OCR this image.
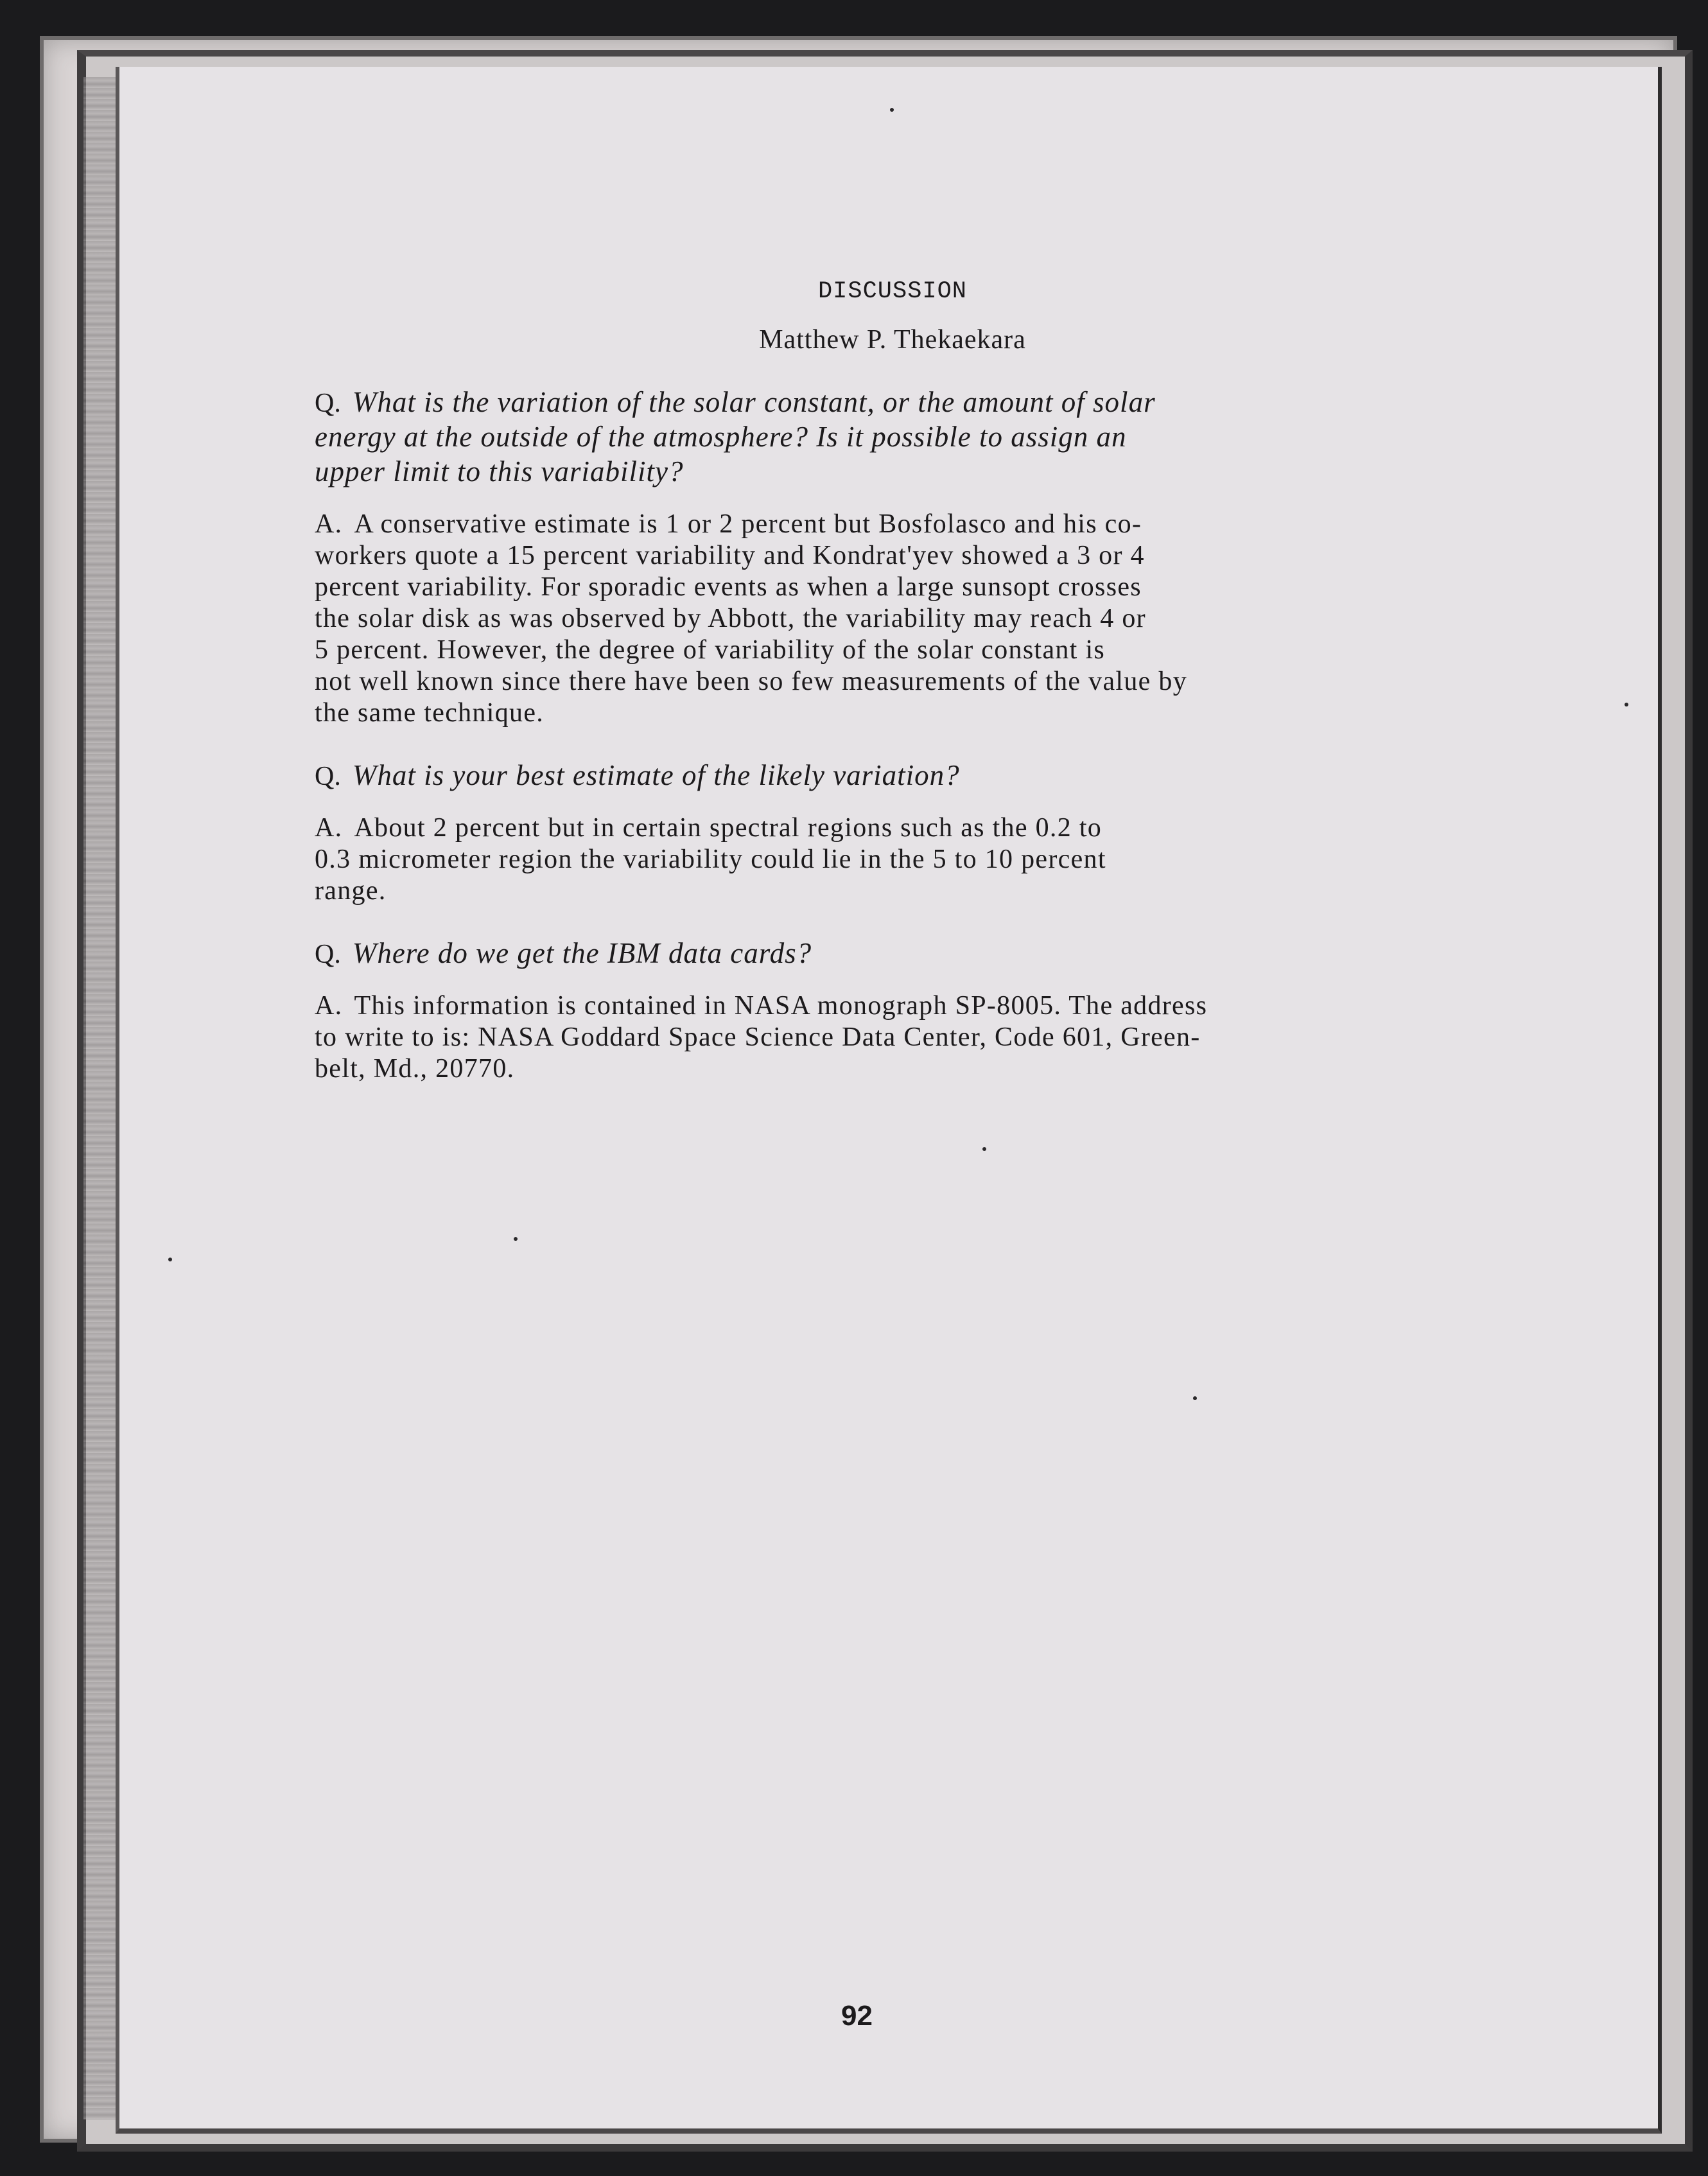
DISCUSSION
Matthew P. Thekaekara
Q. What is the variation of the solar constant, or the amount of solar
energy at the outside of the atmosphere? Is it possible to assign an
upper limit to this variability?
A. A conservative estimate is 1 or 2 percent but Bosfolasco and his co-
workers quote a 15 percent variability and Kondrat'yev showed a 3 or 4
percent variability. For sporadic events as when a large sunsopt crosses
the solar disk as was observed by Abbott, the variability may reach 4 or
5 percent. However, the degree of variability of the solar constant is
not well known since there have been so few measurements of the value by
the same technique.
Q. What is your best estimate of the likely variation?
A. About 2 percent but in certain spectral regions such as the 0.2 to
0.3 micrometer region the variability could lie in the 5 to 10 percent
range.
Q. Where do we get the IBM data cards?
A. This information is contained in NASA monograph SP-8005. The address
to write to is: NASA Goddard Space Science Data Center, Code 601, Green-
belt, Md., 20770.
92
